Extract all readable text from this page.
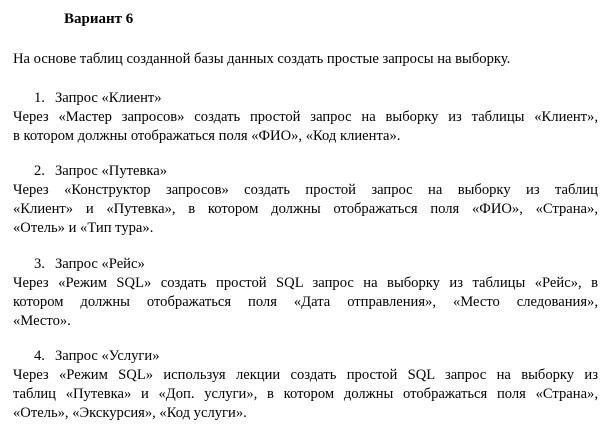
Вариант 6
На основе таблиц созданной базы данных создать простые запросы на выборку.
1. Запрос «Клиент»
Через «Мастер запросов» создать простой запрос на выборку из таблицы «Клиент»,
в котором должны отображаться поля «ФИО», «Код клиента».
2. Запрос «Путевка»
Через «Конструктор запросов» создать простой запрос на выборку из таблиц
«Клиент» и «Путевка», в котором должны отображаться поля «ФИО», «Страна»,
«Отель» и «Тип тура».
3. Запрос «Рейс»
Через «Режим SQL» создать простой SQL запрос на выборку из таблицы «Рейс», в
котором должны отображаться поля «Дата отправления», «Место следования»,
«Место».
4. Запрос «Услуги»
Через «Режим SQL» используя лекции создать простой SQL запрос на выборку из
таблиц «Путевка» и «Доп. услуги», в котором должны отображаться поля «Страна»,
«Отель», «Экскурсия», «Код услуги».
